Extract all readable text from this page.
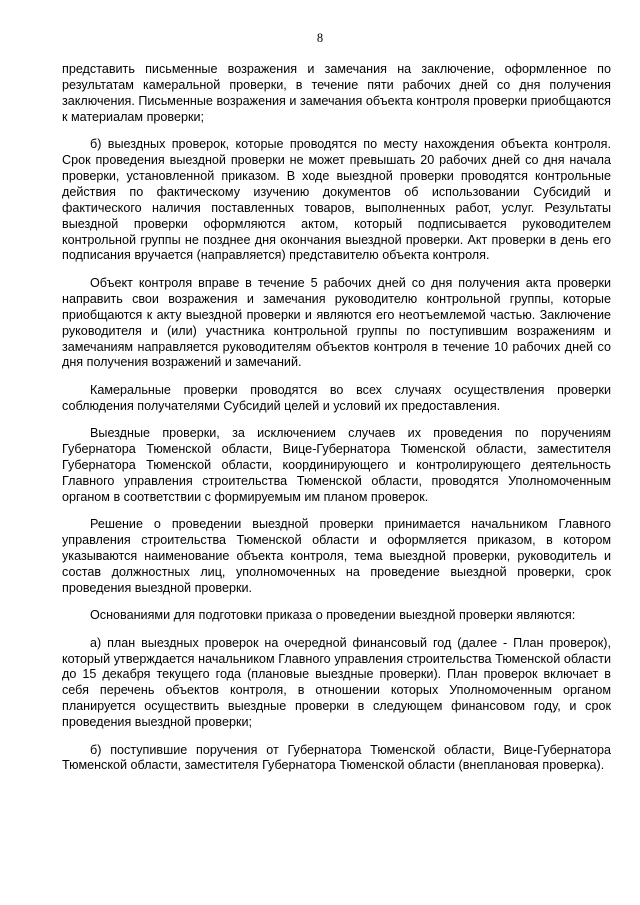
8

представить письменные возражения и замечания на заключение, оформленное по результатам камеральной проверки, в течение пяти рабочих дней со дня получения заключения. Письменные возражения и замечания объекта контроля проверки приобщаются к материалам проверки;

б) выездных проверок, которые проводятся по месту нахождения объекта контроля. Срок проведения выездной проверки не может превышать 20 рабочих дней со дня начала проверки, установленной приказом. В ходе выездной проверки проводятся контрольные действия по фактическому изучению документов об использовании Субсидий и фактического наличия поставленных товаров, выполненных работ, услуг. Результаты выездной проверки оформляются актом, который подписывается руководителем контрольной группы не позднее дня окончания выездной проверки. Акт проверки в день его подписания вручается (направляется) представителю объекта контроля.

Объект контроля вправе в течение 5 рабочих дней со дня получения акта проверки направить свои возражения и замечания руководителю контрольной группы, которые приобщаются к акту выездной проверки и являются его неотъемлемой частью. Заключение руководителя и (или) участника контрольной группы по поступившим возражениям и замечаниям направляется руководителям объектов контроля в течение 10 рабочих дней со дня получения возражений и замечаний.

Камеральные проверки проводятся во всех случаях осуществления проверки соблюдения получателями Субсидий целей и условий их предоставления.

Выездные проверки, за исключением случаев их проведения по поручениям Губернатора Тюменской области, Вице-Губернатора Тюменской области, заместителя Губернатора Тюменской области, координирующего и контролирующего деятельность Главного управления строительства Тюменской области, проводятся Уполномоченным органом в соответствии с формируемым им планом проверок.

Решение о проведении выездной проверки принимается начальником Главного управления строительства Тюменской области и оформляется приказом, в котором указываются наименование объекта контроля, тема выездной проверки, руководитель и состав должностных лиц, уполномоченных на проведение выездной проверки, срок проведения выездной проверки.

Основаниями для подготовки приказа о проведении выездной проверки являются:

а) план выездных проверок на очередной финансовый год (далее - План проверок), который утверждается начальником Главного управления строительства Тюменской области до 15 декабря текущего года (плановые выездные проверки). План проверок включает в себя перечень объектов контроля, в отношении которых Уполномоченным органом планируется осуществить выездные проверки в следующем финансовом году, и срок проведения выездной проверки;

б) поступившие поручения от Губернатора Тюменской области, Вице-Губернатора Тюменской области, заместителя Губернатора Тюменской области (внеплановая проверка).
